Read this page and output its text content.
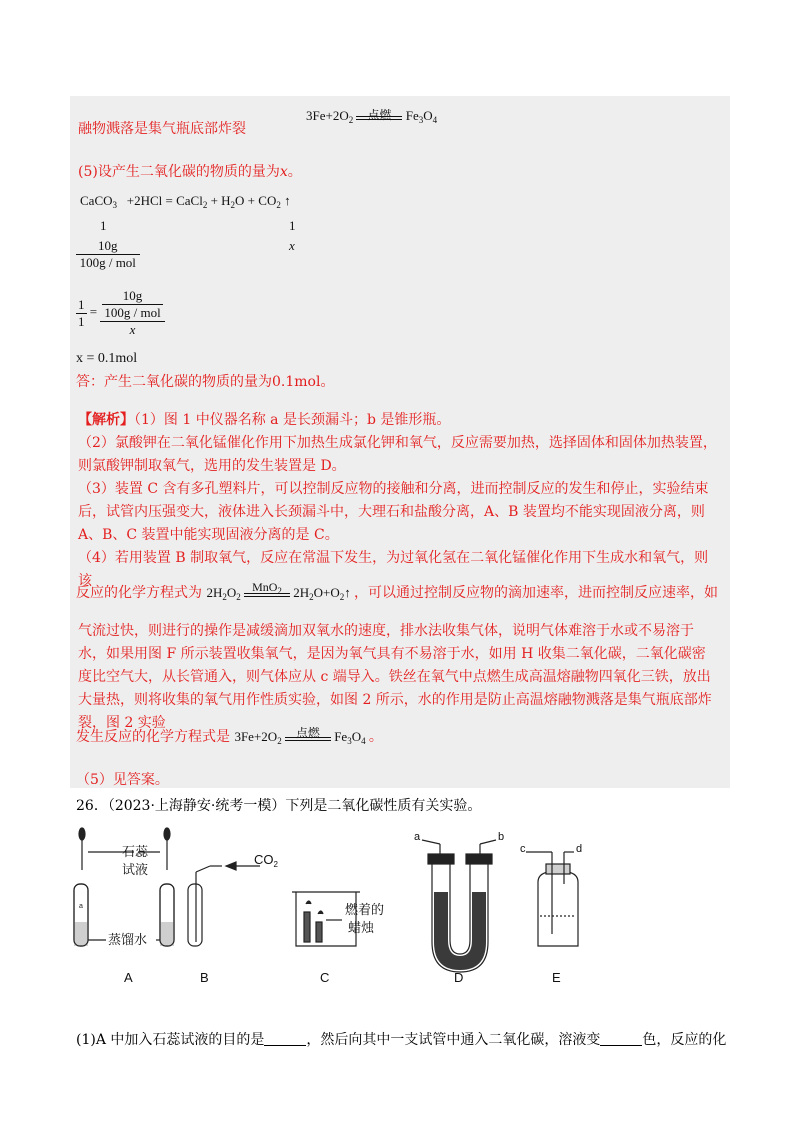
融物溅落是集气瓶底部炸裂
$3Fe+2O_2$	点燃	$Fe_3O_4$
(5)设产生二氧化碳的物质的量为x。
CaCO$_3$ +2HCl = CaCl$_2$ + $H_2O + CO_2$ ↑
1	1
x
$\frac{10g}{\text{100g / mol}}$
$\frac{1}{1} = \frac{\frac{10g}{\text{100g / mol}}}{x}$
x = 0.1mol
答：产生二氧化碳的物质的量为0.1mol。
【解析】（1）图 1 中仪器名称 a 是长颈漏斗；b 是锥形瓶。
（2）氯酸钾在二氧化锰催化作用下加热生成氯化钾和氧气，反应需要加热，选择固体和固体加热装置，则氯酸钾制取氧气，选用的发生装置是 D。
（3）装置 C 含有多孔塑料片，可以控制反应物的接触和分离，进而控制反应的发生和停止，实验结束后，试管内压强变大，液体进入长颈漏斗中，大理石和盐酸分离，A、B 装置均不能实现固液分离，则 A、B、C 装置中能实现固液分离的是 C。
（4）若用装置 B 制取氧气，反应在常温下发生，为过氧化氢在二氧化锰催化作用下生成水和氧气，则该
反应的化学方程式为 $2H_2O_2$
MnO$_2$ $2H_2O+O_2↑$ ，可以通过控制反应物的滴加速率，进而控制反应速率，如
气流过快，则进行的操作是减缓滴加双氧水的速度，排水法收集气体，说明气体难溶于水或不易溶于水，如果用图 F 所示装置收集氧气，是因为氧气具有不易溶于水，如用 H 收集二氧化碳，二氧化碳密度比空气大，从长管通入，则气体应从 c 端导入。铁丝在氧气中点燃生成高温熔融物四氧化三铁，放出大量热，则将收集的氧气用作性质实验，如图 2 所示，水的作用是防止高温熔融物溅落是集气瓶底部炸裂，图 2 实验
发生反应的化学方程式是 $3Fe+2O_2$
点燃	$Fe_3O_4$ 。
（5）见答案。
26．（2023·上海静安·统考一模）下列是二氧化碳性质有关实验。
a
石蕊
试液
蒸馏水
$CO_2$
燃着的
蜡烛
a	b
c	d
A	B	C	D	E
(1)A 中加入石蕊试液的目的是	，然后向其中一支试管中通入二氧化碳，溶液变	色，反应的化
